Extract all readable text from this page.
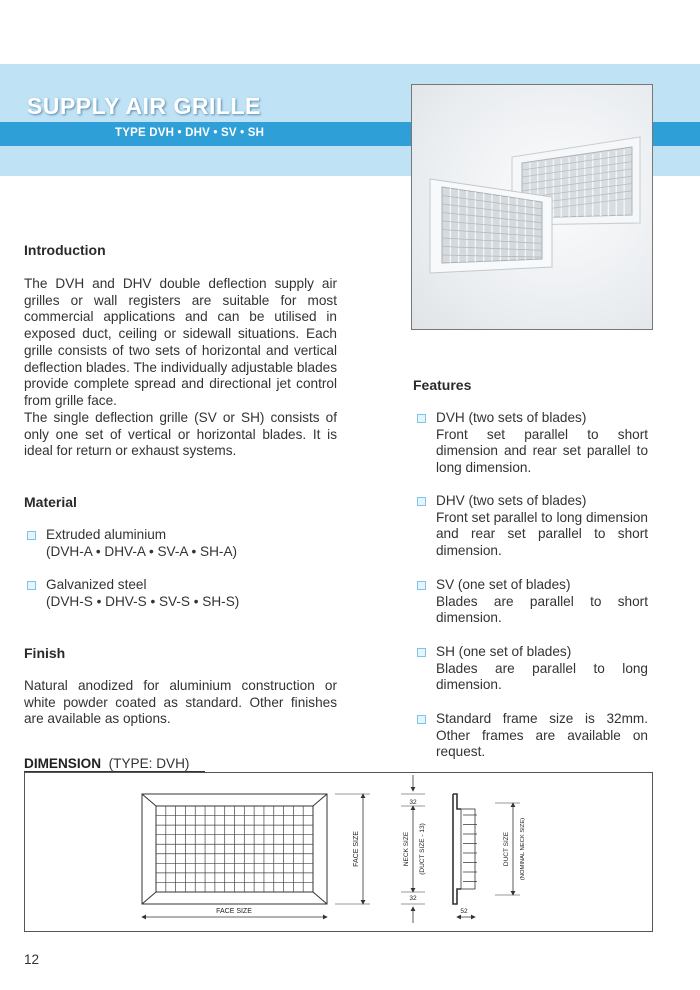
SUPPLY AIR GRILLE

TYPE DVH • DHV • SV • SH

Introduction

The DVH and DHV double deflection supply air grilles or wall registers are suitable for most commercial applications and can be utilised in exposed duct, ceiling or sidewall situations. Each grille consists of two sets of horizontal and vertical deflection blades. The individually adjustable blades provide complete spread and directional jet control from grille face.

The single deflection grille (SV or SH) consists of only one set of vertical or horizontal blades. It is ideal for return or exhaust systems.

Material

Extruded aluminium

(DVH-A • DHV-A • SV-A • SH-A)

Galvanized steel

(DVH-S • DHV-S • SV-S • SH-S)

Finish

Natural anodized for aluminium construction or white powder coated as standard. Other finishes are available as options.

Features
DVH (two sets of blades)
Front set parallel to short dimension and rear set parallel to long dimension.
DHV (two sets of blades)
Front set parallel to long dimension and rear set parallel to short dimension.
SV (one set of blades)
Blades are parallel to short dimension.
SH (one set of blades)
Blades are parallel to long dimension.
Standard frame size is 32mm. Other frames are available on request.

DIMENSION (TYPE: DVH)

FACE SIZE
FACE SIZE
32
32
NECK SIZE (DUCT SIZE - 13)
52
DUCT SIZE (NOMINAL NECK SIZE)

12
